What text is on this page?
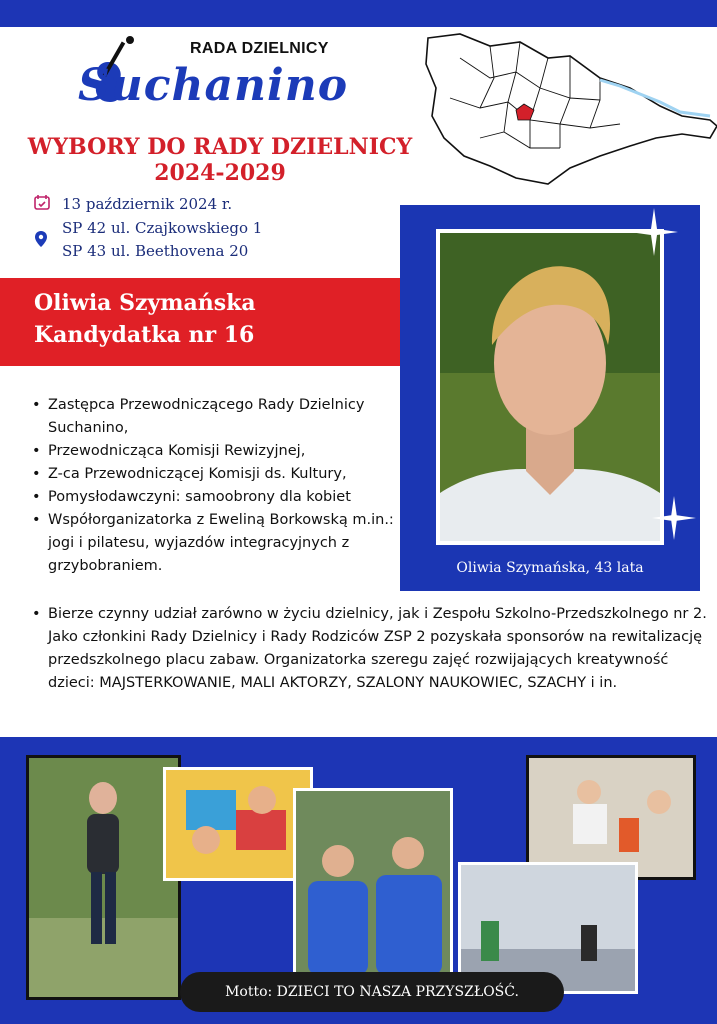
RADA DZIELNICY
Suchanino
WYBORY DO RADY DZIELNICY
2024-2029
13 październik 2024 r.
SP 42 ul. Czajkowskiego 1
SP 43 ul. Beethovena 20
Oliwia Szymańska
Kandydatka nr 16
Oliwia Szymańska, 43 lata
• Zastępca Przewodniczącego Rady Dzielnicy Suchanino,
• Przewodnicząca Komisji Rewizyjnej,
• Z-ca Przewodniczącej Komisji ds. Kultury,
• Pomysłodawczyni: samoobrony dla kobiet
• Współorganizatorka z Eweliną Borkowską m.in.: jogi i pilatesu, wyjazdów integracyjnych z grzybobraniem.
• Bierze czynny udział zarówno w życiu dzielnicy, jak i Zespołu Szkolno-Przedszkolnego nr 2. Jako członkini Rady Dzielnicy i Rady Rodziców ZSP 2 pozyskała sponsorów na rewitalizację przedszkolnego placu zabaw. Organizatorka szeregu zajęć rozwijających kreatywność dzieci: MAJSTERKOWANIE, MALI AKTORZY, SZALONY NAUKOWIEC, SZACHY i in.
Motto: DZIECI TO NASZA PRZYSZŁOŚĆ.
